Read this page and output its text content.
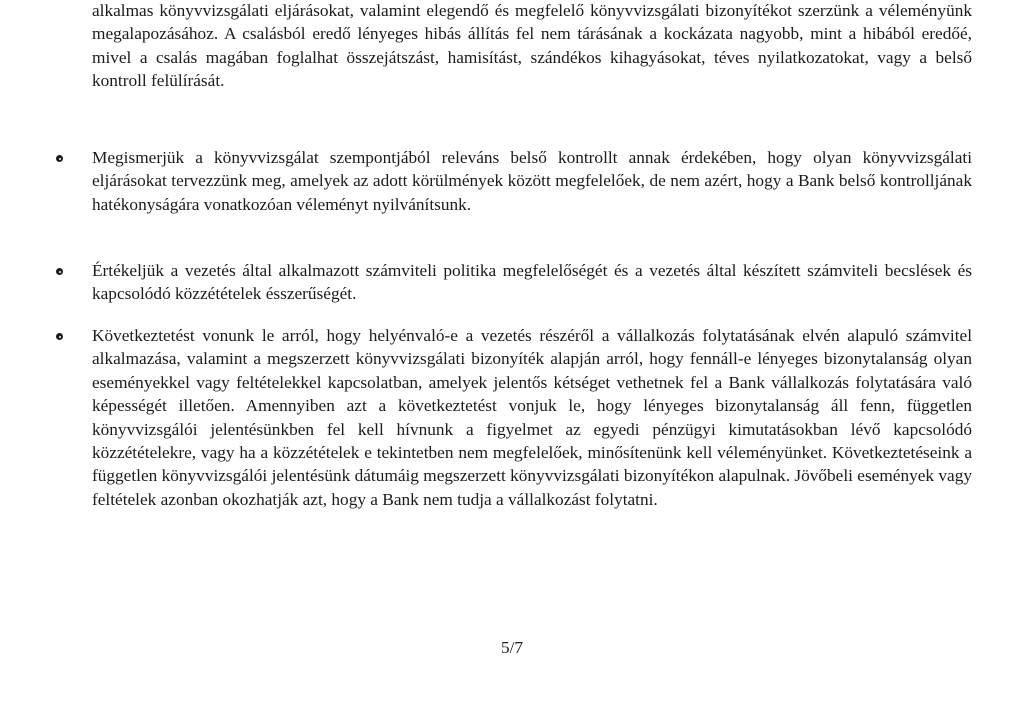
alkalmas könyvvizsgálati eljárásokat, valamint elegendő és megfelelő könyvvizsgálati bizonyítékot szerzünk a véleményünk megalapozásához. A csalásból eredő lényeges hibás állítás fel nem tárásának a kockázata nagyobb, mint a hibából eredőé, mivel a csalás magában foglalhat összejátszást, hamisítást, szándékos kihagyásokat, téves nyilatkozatokat, vagy a belső kontroll felülírását.
Megismerjük a könyvvizsgálat szempontjából releváns belső kontrollt annak érdekében, hogy olyan könyvvizsgálati eljárásokat tervezzünk meg, amelyek az adott körülmények között megfelelőek, de nem azért, hogy a Bank belső kontrolljának hatékonyságára vonatkozóan véleményt nyilvánítsunk.
Értékeljük a vezetés által alkalmazott számviteli politika megfelelőségét és a vezetés által készített számviteli becslések és kapcsolódó közzétételek ésszerűségét.
Következtetést vonunk le arról, hogy helyénvaló-e a vezetés részéről a vállalkozás folytatásának elvén alapuló számvitel alkalmazása, valamint a megszerzett könyvvizsgálati bizonyíték alapján arról, hogy fennáll-e lényeges bizonytalanság olyan eseményekkel vagy feltételekkel kapcsolatban, amelyek jelentős kétséget vethetnek fel a Bank vállalkozás folytatására való képességét illetően. Amennyiben azt a következtetést vonjuk le, hogy lényeges bizonytalanság áll fenn, független könyvvizsgálói jelentésünkben fel kell hívnunk a figyelmet az egyedi pénzügyi kimutatásokban lévő kapcsolódó közzétételekre, vagy ha a közzétételek e tekintetben nem megfelelőek, minősítenünk kell véleményünket. Következtetéseink a független könyvvizsgálói jelentésünk dátumáig megszerzett könyvvizsgálati bizonyítékon alapulnak. Jövőbeli események vagy feltételek azonban okozhatják azt, hogy a Bank nem tudja a vállalkozást folytatni.
5/7
